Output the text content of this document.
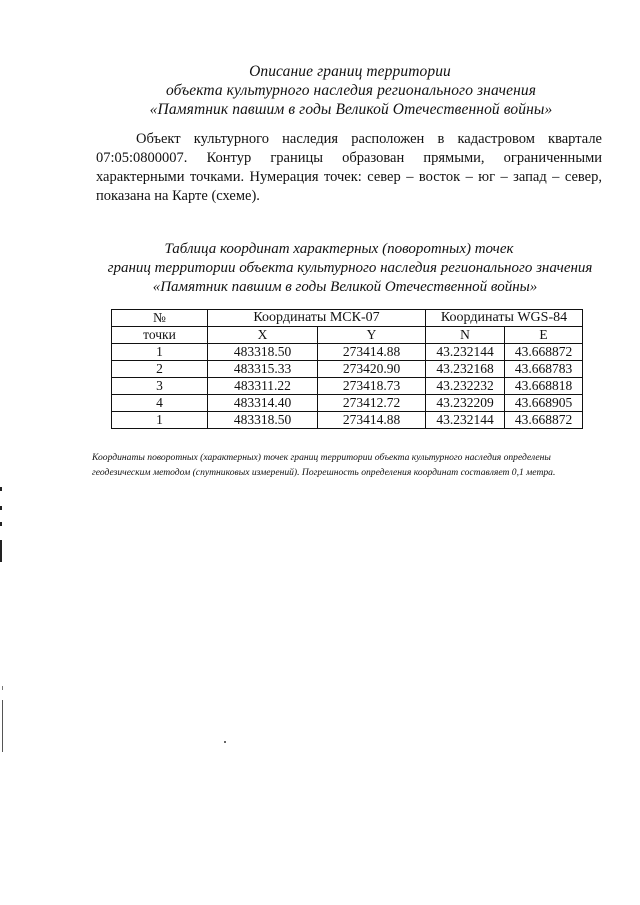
Описание границ территории
объекта культурного наследия регионального значения
«Памятник павшим в годы Великой Отечественной войны»
Объект культурного наследия расположен в кадастровом квартале 07:05:0800007. Контур границы образован прямыми, ограниченными характерными точками. Нумерация точек: север – восток – юг – запад – север, показана на Карте (схеме).
Таблица координат характерных (поворотных) точек
границ территории объекта культурного наследия регионального значения
«Памятник павшим в годы Великой Отечественной войны»
№	Координаты МСК-07		Координаты WGS-84	
точки	X	Y	N	E
1	483318.50	273414.88	43.232144	43.668872
2	483315.33	273420.90	43.232168	43.668783
3	483311.22	273418.73	43.232232	43.668818
4	483314.40	273412.72	43.232209	43.668905
1	483318.50	273414.88	43.232144	43.668872
Координаты поворотных (характерных) точек границ территории объекта культурного наследия определены геодезическим методом (спутниковых измерений). Погрешность определения координат составляет 0,1 метра.
